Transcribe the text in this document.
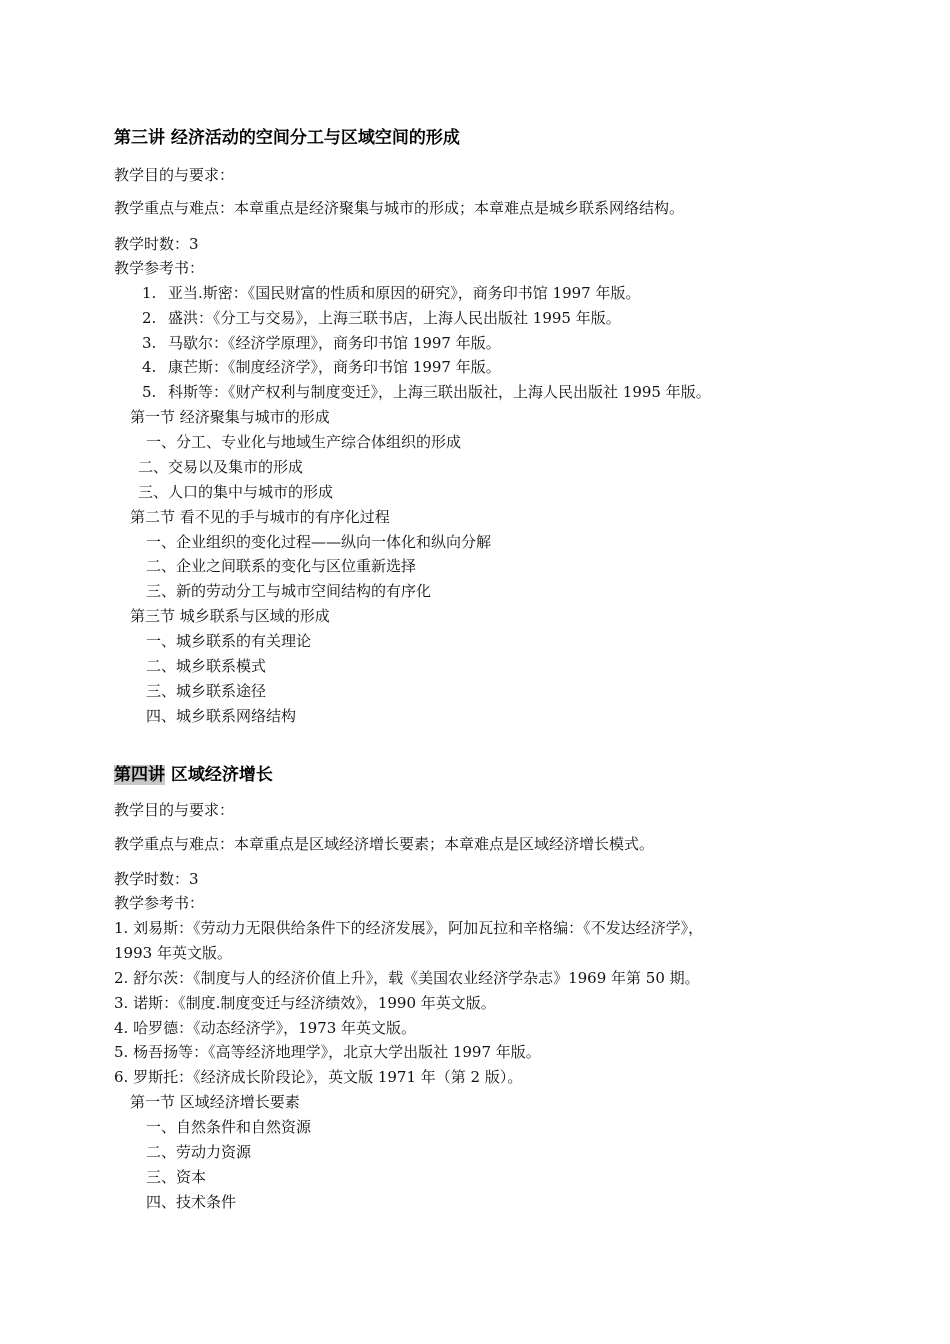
第三讲 经济活动的空间分工与区域空间的形成
教学目的与要求：
教学重点与难点：本章重点是经济聚集与城市的形成；本章难点是城乡联系网络结构。
教学时数：3
教学参考书：
1. 亚当.斯密：《国民财富的性质和原因的研究》，商务印书馆 1997 年版。
2. 盛洪：《分工与交易》，上海三联书店，上海人民出版社 1995 年版。
3. 马歇尔：《经济学原理》，商务印书馆 1997 年版。
4. 康芒斯：《制度经济学》，商务印书馆 1997 年版。
5. 科斯等：《财产权利与制度变迁》，上海三联出版社，上海人民出版社 1995 年版。
第一节 经济聚集与城市的形成
一、分工、专业化与地域生产综合体组织的形成
二、交易以及集市的形成
三、人口的集中与城市的形成
第二节 看不见的手与城市的有序化过程
一、企业组织的变化过程——纵向一体化和纵向分解
二、企业之间联系的变化与区位重新选择
三、新的劳动分工与城市空间结构的有序化
第三节 城乡联系与区域的形成
一、城乡联系的有关理论
二、城乡联系模式
三、城乡联系途径
四、城乡联系网络结构
第四讲 区域经济增长
教学目的与要求：
教学重点与难点：本章重点是区域经济增长要素；本章难点是区域经济增长模式。
教学时数：3
教学参考书：
1. 刘易斯：《劳动力无限供给条件下的经济发展》，阿加瓦拉和辛格编：《不发达经济学》，
1993 年英文版。
2. 舒尔茨：《制度与人的经济价值上升》，载《美国农业经济学杂志》1969 年第 50 期。
3. 诺斯：《制度.制度变迁与经济绩效》，1990 年英文版。
4. 哈罗德：《动态经济学》，1973 年英文版。
5. 杨吾扬等：《高等经济地理学》，北京大学出版社 1997 年版。
6. 罗斯托：《经济成长阶段论》，英文版 1971 年（第 2 版）。
第一节 区域经济增长要素
一、自然条件和自然资源
二、劳动力资源
三、资本
四、技术条件
